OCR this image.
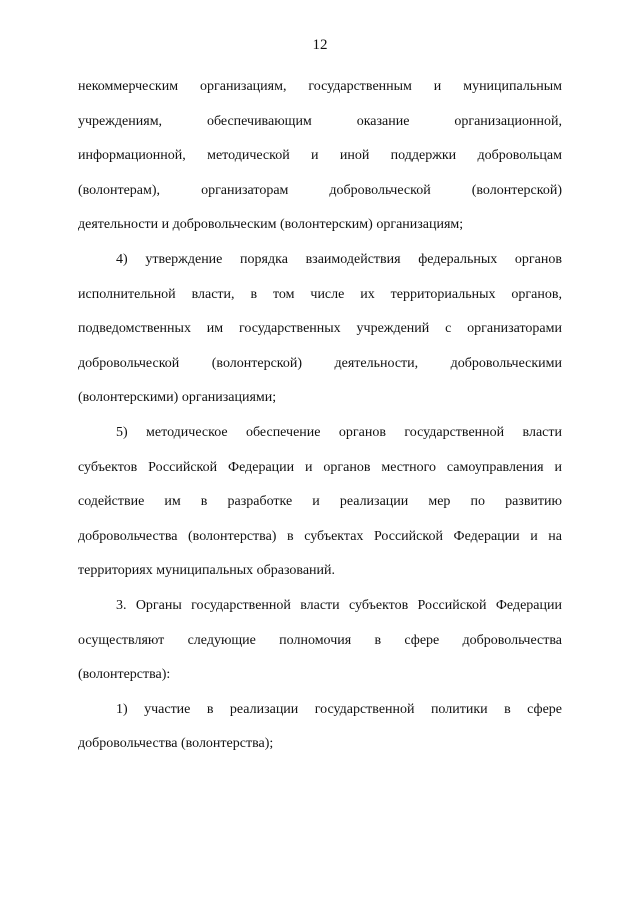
12
некоммерческим организациям, государственным и муниципальным
учреждениям, обеспечивающим оказание организационной,
информационной, методической и иной поддержки добровольцам
(волонтерам), организаторам добровольческой (волонтерской)
деятельности и добровольческим (волонтерским) организациям;
4) утверждение порядка взаимодействия федеральных органов
исполнительной власти, в том числе их территориальных органов,
подведомственных им государственных учреждений с организаторами
добровольческой (волонтерской) деятельности, добровольческими
(волонтерскими) организациями;
5) методическое обеспечение органов государственной власти
субъектов Российской Федерации и органов местного самоуправления и
содействие им в разработке и реализации мер по развитию
добровольчества (волонтерства) в субъектах Российской Федерации и на
территориях муниципальных образований.
3. Органы государственной власти субъектов Российской Федерации
осуществляют следующие полномочия в сфере добровольчества
(волонтерства):
1) участие в реализации государственной политики в сфере
добровольчества (волонтерства);
